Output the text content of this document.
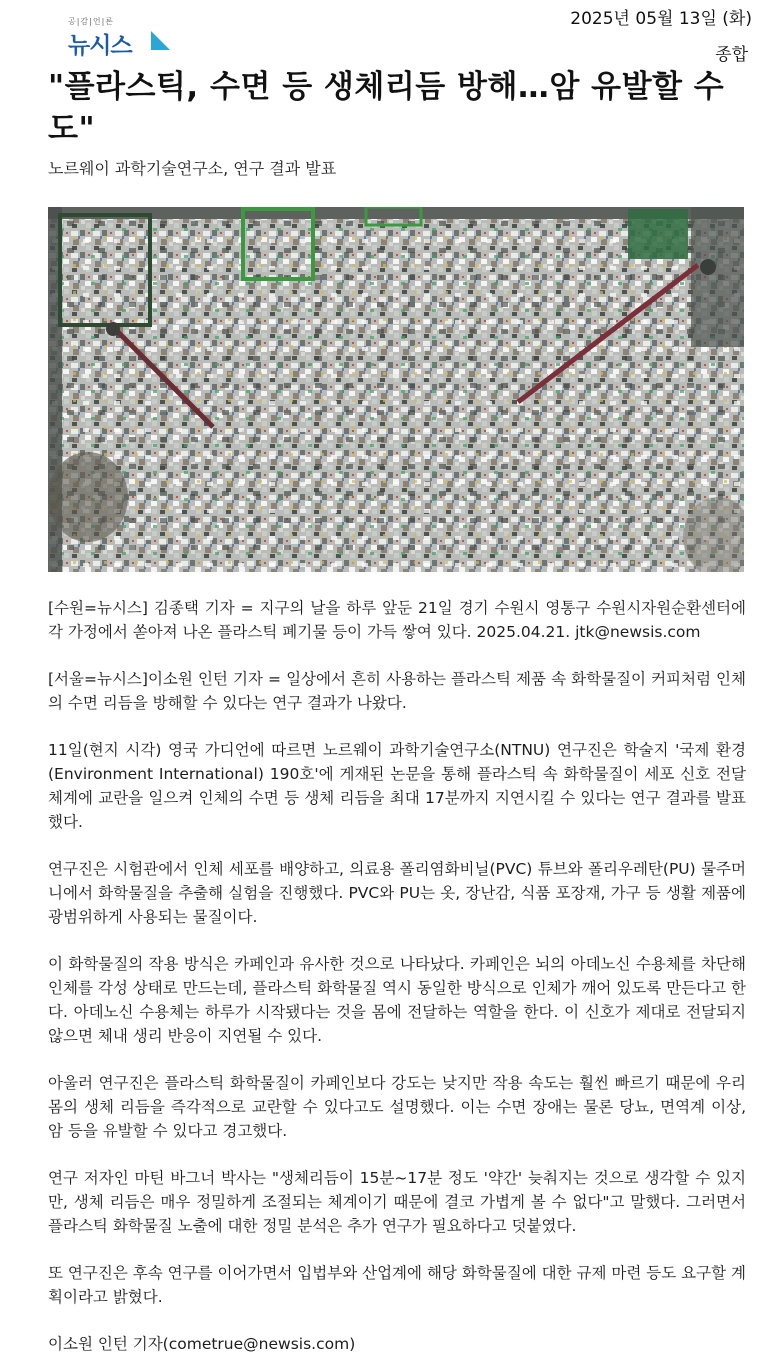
공|감|언|론
뉴시스
2025년 05월 13일 (화)
종합
"플라스틱, 수면 등 생체리듬 방해…암 유발할 수도"

노르웨이 과학기술연구소, 연구 결과 발표

[수원=뉴시스] 김종택 기자 = 지구의 날을 하루 앞둔 21일 경기 수원시 영통구 수원시자원순환센터에 각 가정에서 쏟아져 나온 플라스틱 폐기물 등이 가득 쌓여 있다. 2025.04.21. jtk@newsis.com

[서울=뉴시스]이소원 인턴 기자 = 일상에서 흔히 사용하는 플라스틱 제품 속 화학물질이 커피처럼 인체의 수면 리듬을 방해할 수 있다는 연구 결과가 나왔다.

11일(현지 시각) 영국 가디언에 따르면 노르웨이 과학기술연구소(NTNU) 연구진은 학술지 '국제 환경(Environment International) 190호'에 게재된 논문을 통해 플라스틱 속 화학물질이 세포 신호 전달 체계에 교란을 일으켜 인체의 수면 등 생체 리듬을 최대 17분까지 지연시킬 수 있다는 연구 결과를 발표했다.

연구진은 시험관에서 인체 세포를 배양하고, 의료용 폴리염화비닐(PVC) 튜브와 폴리우레탄(PU) 물주머니에서 화학물질을 추출해 실험을 진행했다. PVC와 PU는 옷, 장난감, 식품 포장재, 가구 등 생활 제품에 광범위하게 사용되는 물질이다.

이 화학물질의 작용 방식은 카페인과 유사한 것으로 나타났다. 카페인은 뇌의 아데노신 수용체를 차단해 인체를 각성 상태로 만드는데, 플라스틱 화학물질 역시 동일한 방식으로 인체가 깨어 있도록 만든다고 한다. 아데노신 수용체는 하루가 시작됐다는 것을 몸에 전달하는 역할을 한다. 이 신호가 제대로 전달되지 않으면 체내 생리 반응이 지연될 수 있다.

아울러 연구진은 플라스틱 화학물질이 카페인보다 강도는 낮지만 작용 속도는 훨씬 빠르기 때문에 우리 몸의 생체 리듬을 즉각적으로 교란할 수 있다고도 설명했다. 이는 수면 장애는 물론 당뇨, 면역계 이상, 암 등을 유발할 수 있다고 경고했다.

연구 저자인 마틴 바그너 박사는 "생체리듬이 15분~17분 정도 '약간' 늦춰지는 것으로 생각할 수 있지만, 생체 리듬은 매우 정밀하게 조절되는 체계이기 때문에 결코 가볍게 볼 수 없다"고 말했다. 그러면서 플라스틱 화학물질 노출에 대한 정밀 분석은 추가 연구가 필요하다고 덧붙였다.

또 연구진은 후속 연구를 이어가면서 입법부와 산업계에 해당 화학물질에 대한 규제 마련 등도 요구할 계획이라고 밝혔다.

이소원 인턴 기자(cometrue@newsis.com)
